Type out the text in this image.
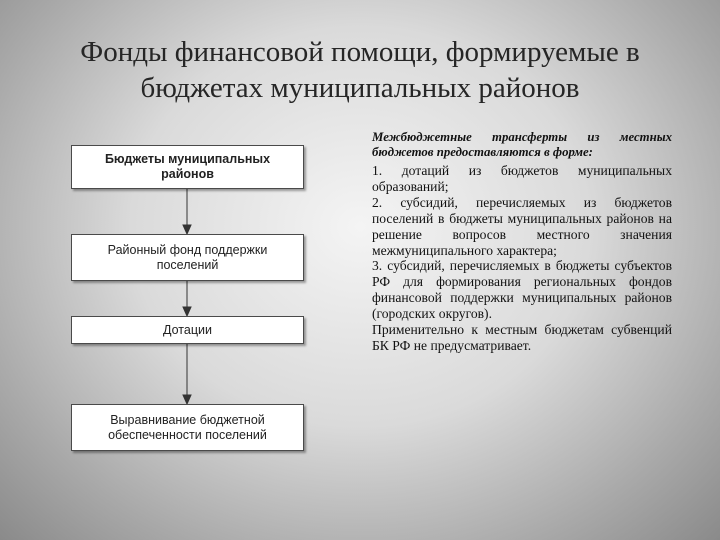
Фонды финансовой помощи, формируемые в
бюджетах муниципальных районов
Бюджеты муниципальных
районов
Районный фонд поддержки
поселений
Дотации
Выравнивание бюджетной
обеспеченности поселений

Межбюджетные трансферты из местных бюджетов предоставляются в форме:

1. дотаций из бюджетов муниципальных образований;

2. субсидий, перечисляемых из бюджетов поселений в бюджеты муниципальных районов на решение вопросов местного значения межмуниципального характера;

3. субсидий, перечисляемых в бюджеты субъектов РФ для формирования региональных фондов финансовой поддержки муниципальных районов (городских округов).

Применительно к местным бюджетам субвенций БК РФ не предусматривает.
